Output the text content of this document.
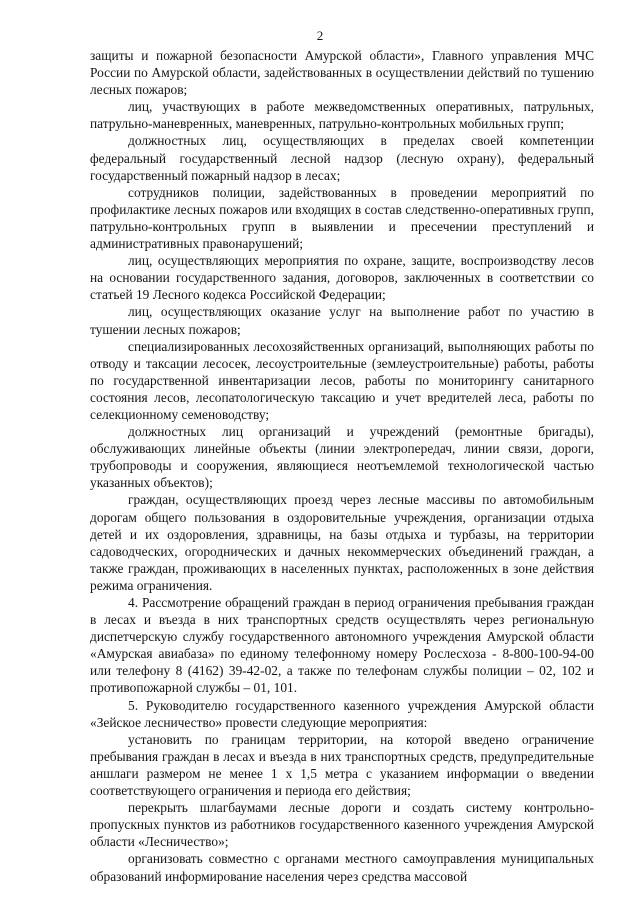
2

защиты и пожарной безопасности Амурской области», Главного управления МЧС России по Амурской области, задействованных в осуществлении действий по тушению лесных пожаров;

лиц, участвующих в работе межведомственных оперативных, патрульных, патрульно-маневренных, маневренных, патрульно-контрольных мобильных групп;

должностных лиц, осуществляющих в пределах своей компетенции федеральный государственный лесной надзор (лесную охрану), федеральный государственный пожарный надзор в лесах;

сотрудников полиции, задействованных в проведении мероприятий по профилактике лесных пожаров или входящих в состав следственно-оперативных групп, патрульно-контрольных групп в выявлении и пресечении преступлений и административных правонарушений;

лиц, осуществляющих мероприятия по охране, защите, воспроизводству лесов на основании государственного задания, договоров, заключенных в соответствии со статьей 19 Лесного кодекса Российской Федерации;

лиц, осуществляющих оказание услуг на выполнение работ по участию в тушении лесных пожаров;

специализированных лесохозяйственных организаций, выполняющих работы по отводу и таксации лесосек, лесоустроительные (землеустроительные) работы, работы по государственной инвентаризации лесов, работы по мониторингу санитарного состояния лесов, лесопатологическую таксацию и учет вредителей леса, работы по селекционному семеноводству;

должностных лиц организаций и учреждений (ремонтные бригады), обслуживающих линейные объекты (линии электропередач, линии связи, дороги, трубопроводы и сооружения, являющиеся неотъемлемой технологической частью указанных объектов);

граждан, осуществляющих проезд через лесные массивы по автомобильным дорогам общего пользования в оздоровительные учреждения, организации отдыха детей и их оздоровления, здравницы, на базы отдыха и турбазы, на территории садоводческих, огороднических и дачных некоммерческих объединений граждан, а также граждан, проживающих в населенных пунктах, расположенных в зоне действия режима ограничения.

4. Рассмотрение обращений граждан в период ограничения пребывания граждан в лесах и въезда в них транспортных средств осуществлять через региональную диспетчерскую службу государственного автономного учреждения Амурской области «Амурская авиабаза» по единому телефонному номеру Рослесхоза - 8-800-100-94-00 или телефону 8 (4162) 39-42-02, а также по телефонам службы полиции – 02, 102 и противопожарной службы – 01, 101.

5. Руководителю государственного казенного учреждения Амурской области «Зейское лесничество» провести следующие мероприятия:

установить по границам территории, на которой введено ограничение пребывания граждан в лесах и въезда в них транспортных средств, предупредительные аншлаги размером не менее 1 х 1,5 метра с указанием информации о введении соответствующего ограничения и периода его действия;

перекрыть шлагбаумами лесные дороги и создать систему контрольно-пропускных пунктов из работников государственного казенного учреждения Амурской области «Лесничество»;

организовать совместно с органами местного самоуправления муниципальных образований информирование населения через средства массовой
